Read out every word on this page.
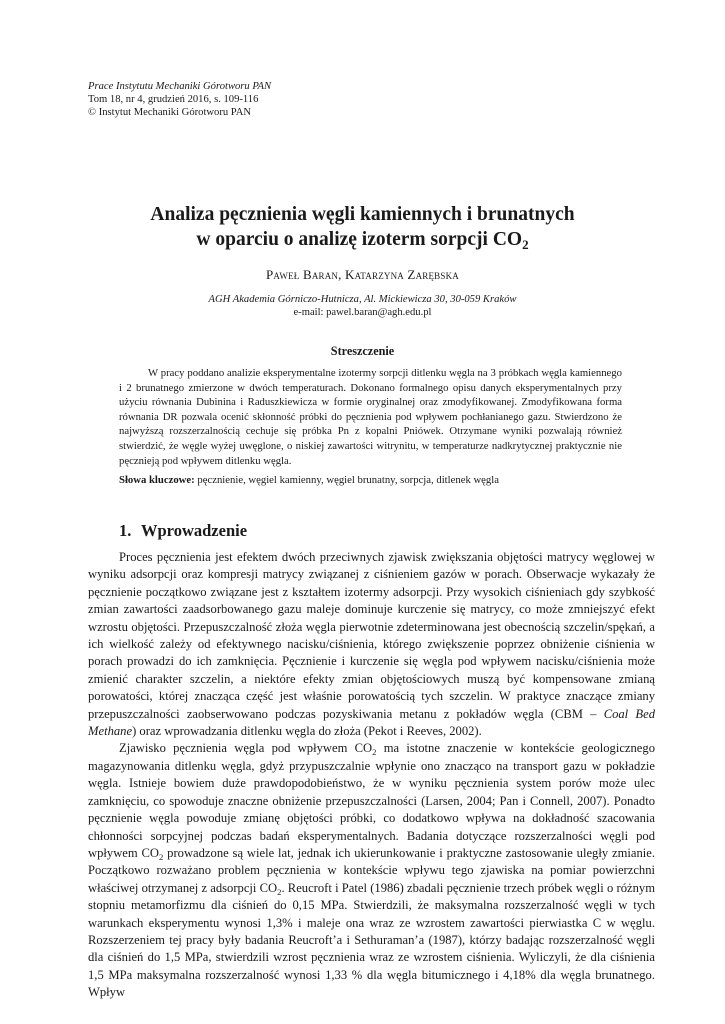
Prace Instytutu Mechaniki Górotworu PAN
Tom 18, nr 4, grudzień 2016, s. 109-116
© Instytut Mechaniki Górotworu PAN
Analiza pęcznienia węgli kamiennych i brunatnych
w oparciu o analizę izoterm sorpcji $CO_2$
Paweł Baran, Katarzyna Zarębska
AGH Akademia Górniczo-Hutnicza, Al. Mickiewicza 30, 30-059 Kraków
e-mail: pawel.baran@agh.edu.pl
Streszczenie
W pracy poddano analizie eksperymentalne izotermy sorpcji ditlenku węgla na 3 próbkach węgla kamiennego i 2 brunatnego zmierzone w dwóch temperaturach. Dokonano formalnego opisu danych eksperymentalnych przy użyciu równania Dubinina i Raduszkiewicza w formie oryginalnej oraz zmodyfikowanej. Zmodyfikowana forma równania DR pozwala ocenić skłonność próbki do pęcznienia pod wpływem pochłanianego gazu. Stwierdzono że najwyższą rozszerzalnością cechuje się próbka Pn z kopalni Pniówek. Otrzymane wyniki pozwalają również stwierdzić, że węgle wyżej uwęglone, o niskiej zawartości witrynitu, w temperaturze nadkrytycznej praktycznie nie pęcznieją pod wpływem ditlenku węgla.
Słowa kluczowe: pęcznienie, węgiel kamienny, węgiel brunatny, sorpcja, ditlenek węgla
1. Wprowadzenie

Proces pęcznienia jest efektem dwóch przeciwnych zjawisk zwiększania objętości matrycy węglowej w wyniku adsorpcji oraz kompresji matrycy związanej z ciśnieniem gazów w porach. Obserwacje wykazały że pęcznienie początkowo związane jest z kształtem izotermy adsorpcji. Przy wysokich ciśnieniach gdy szybkość zmian zawartości zaadsorbowanego gazu maleje dominuje kurczenie się matrycy, co może zmniejszyć efekt wzrostu objętości. Przepuszczalność złoża węgla pierwotnie zdeterminowana jest obecnością szczelin/spękań, a ich wielkość zależy od efektywnego nacisku/ciśnienia, którego zwiększenie poprzez obniżenie ciśnienia w porach prowadzi do ich zamknięcia. Pęcznienie i kurczenie się węgla pod wpływem nacisku/ciśnienia może zmienić charakter szczelin, a niektóre efekty zmian objętościowych muszą być kompensowane zmianą porowatości, której znacząca część jest właśnie porowatością tych szczelin. W praktyce znaczące zmiany przepuszczalności zaobserwowano podczas pozyskiwania metanu z pokładów węgla (CBM – Coal Bed Methane) oraz wprowadzania ditlenku węgla do złoża (Pekot i Reeves, 2002).

Zjawisko pęcznienia węgla pod wpływem $CO_2$ ma istotne znaczenie w kontekście geologicznego magazynowania ditlenku węgla, gdyż przypuszczalnie wpłynie ono znacząco na transport gazu w pokładzie węgla. Istnieje bowiem duże prawdopodobieństwo, że w wyniku pęcznienia system porów może ulec zamknięciu, co spowoduje znaczne obniżenie przepuszczalności (Larsen, 2004; Pan i Connell, 2007). Ponadto pęcznienie węgla powoduje zmianę objętości próbki, co dodatkowo wpływa na dokładność szacowania chłonności sorpcyjnej podczas badań eksperymentalnych. Badania dotyczące rozszerzalności węgli pod wpływem $CO_2$ prowadzone są wiele lat, jednak ich ukierunkowanie i praktyczne zastosowanie uległy zmianie. Początkowo rozważano problem pęcznienia w kontekście wpływu tego zjawiska na pomiar powierzchni właściwej otrzymanej z adsorpcji $CO_2$. Reucroft i Patel (1986) zbadali pęcznienie trzech próbek węgli o różnym stopniu metamorfizmu dla ciśnień do 0,15 MPa. Stwierdzili, że maksymalna rozszerzalność węgli w tych warunkach eksperymentu wynosi 1,3% i maleje ona wraz ze wzrostem zawartości pierwiastka C w węglu. Rozszerzeniem tej pracy były badania Reucroft’a i Sethuraman’a (1987), którzy badając rozszerzalność węgli dla ciśnień do 1,5 MPa, stwierdzili wzrost pęcznienia wraz ze wzrostem ciśnienia. Wyliczyli, że dla ciśnienia 1,5 MPa maksymalna rozszerzalność wynosi 1,33 % dla węgla bitumicznego i 4,18% dla węgla brunatnego. Wpływ
